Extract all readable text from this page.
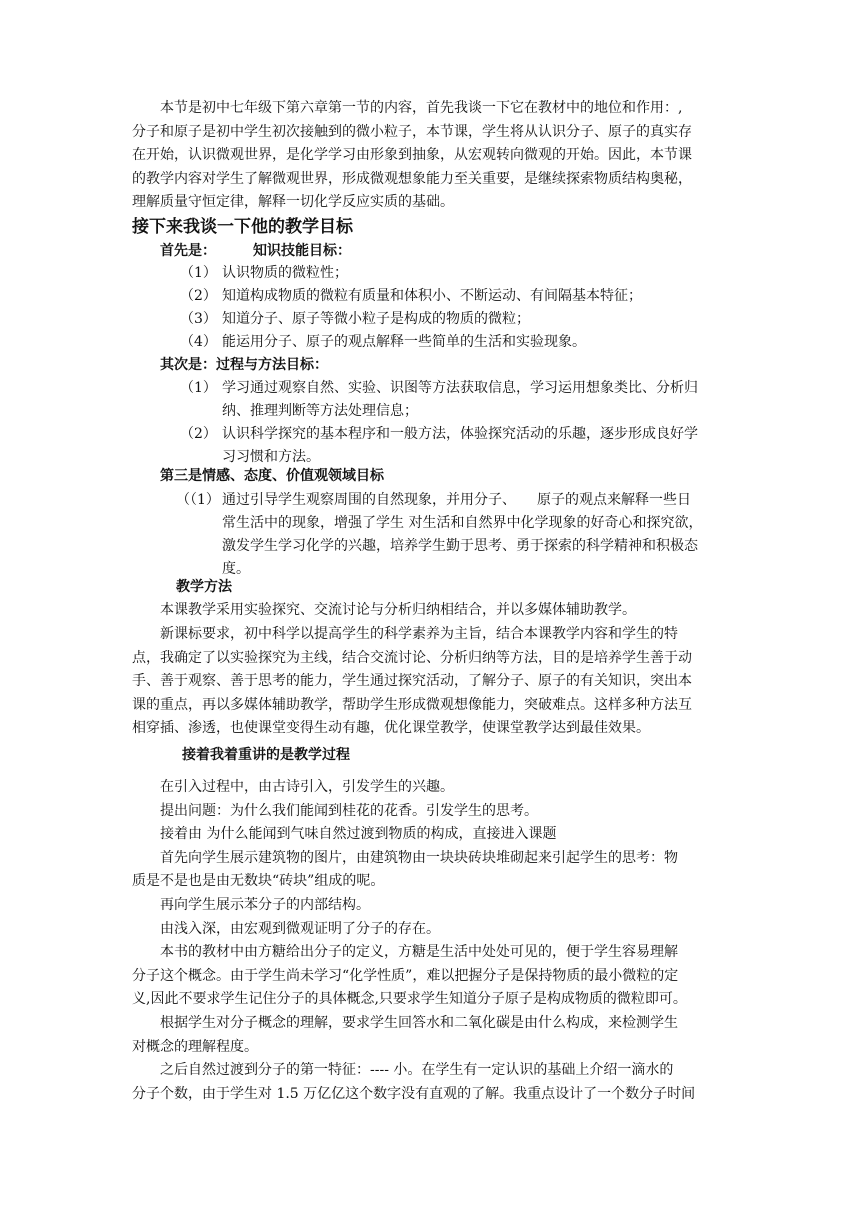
本节是初中七年级下第六章第一节的内容，首先我谈一下它在教材中的地位和作用：,
分子和原子是初中学生初次接触到的微小粒子，本节课，学生将从认识分子、原子的真实存
在开始，认识微观世界，是化学学习由形象到抽象，从宏观转向微观的开始。因此，本节课
的教学内容对学生了解微观世界，形成微观想象能力至关重要，是继续探索物质结构奥秘，
理解质量守恒定律，解释一切化学反应实质的基础。
接下来我谈一下他的教学目标
首先是：	知识技能目标：
（1） 认识物质的微粒性；
（2） 知道构成物质的微粒有质量和体积小、不断运动、有间隔基本特征；
（3） 知道分子、原子等微小粒子是构成的物质的微粒；
（4） 能运用分子、原子的观点解释一些简单的生活和实验现象。
其次是：过程与方法目标：
（1） 学习通过观察自然、实验、识图等方法获取信息，学习运用想象类比、分析归
纳、推理判断等方法处理信息；
（2） 认识科学探究的基本程序和一般方法，体验探究活动的乐趣，逐步形成良好学
习习惯和方法。
第三是情感、态度、价值观领域目标
（（1） 通过引导学生观察周围的自然现象，并用分子、　　原子的观点来解释一些日
常生活中的现象，增强了学生 对生活和自然界中化学现象的好奇心和探究欲，
激发学生学习化学的兴趣，培养学生勤于思考、勇于探索的科学精神和积极态
度。
教学方法
本课教学采用实验探究、交流讨论与分析归纳相结合，并以多媒体辅助教学。
新课标要求，初中科学以提高学生的科学素养为主旨，结合本课教学内容和学生的特
点，我确定了以实验探究为主线，结合交流讨论、分析归纳等方法，目的是培养学生善于动
手、善于观察、善于思考的能力，学生通过探究活动，了解分子、原子的有关知识，突出本
课的重点，再以多媒体辅助教学，帮助学生形成微观想像能力，突破难点。这样多种方法互
相穿插、渗透，也使课堂变得生动有趣，优化课堂教学，使课堂教学达到最佳效果。
接着我着重讲的是教学过程
在引入过程中，由古诗引入，引发学生的兴趣。
提出问题：为什么我们能闻到桂花的花香。引发学生的思考。
接着由 为什么能闻到气味自然过渡到物质的构成，直接进入课题
首先向学生展示建筑物的图片，由建筑物由一块块砖块堆砌起来引起学生的思考：物
质是不是也是由无数块“砖块”组成的呢。
再向学生展示苯分子的内部结构。
由浅入深，由宏观到微观证明了分子的存在。
本书的教材中由方糖给出分子的定义，方糖是生活中处处可见的，便于学生容易理解
分子这个概念。由于学生尚未学习“化学性质”，难以把握分子是保持物质的最小微粒的定
义,因此不要求学生记住分子的具体概念,只要求学生知道分子原子是构成物质的微粒即可。
根据学生对分子概念的理解，要求学生回答水和二氧化碳是由什么构成，来检测学生
对概念的理解程度。
之后自然过渡到分子的第一特征：---- 小。在学生有一定认识的基础上介绍一滴水的
分子个数，由于学生对 1.5 万亿亿这个数字没有直观的了解。我重点设计了一个数分子时间
